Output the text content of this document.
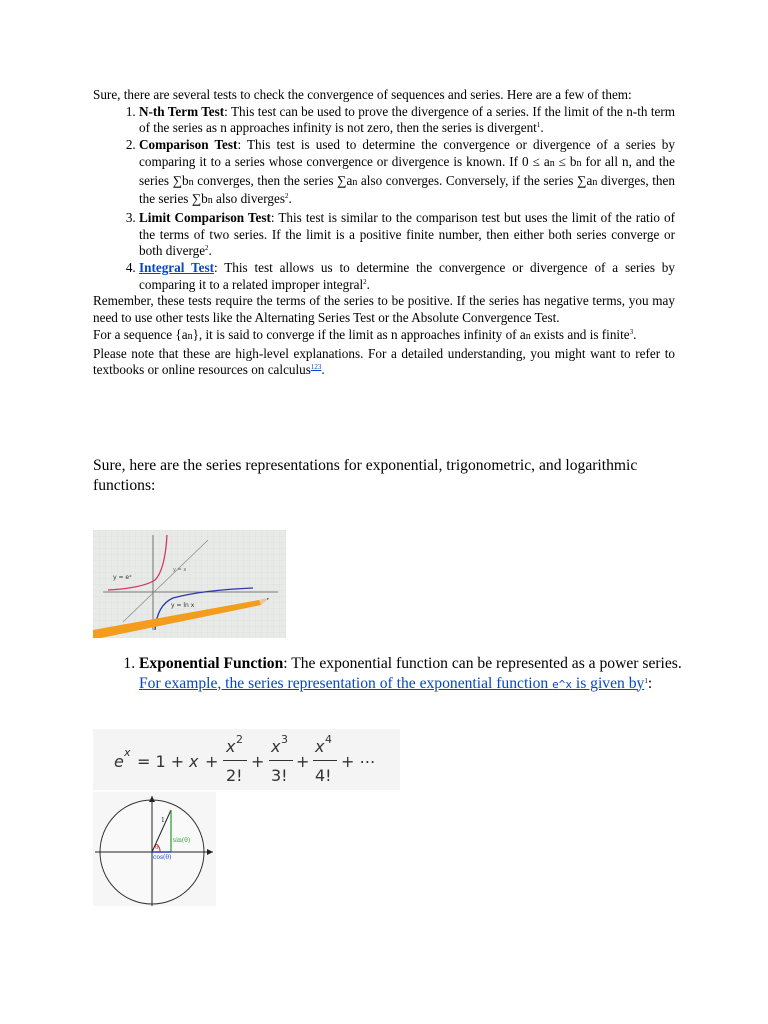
Sure, there are several tests to check the convergence of sequences and series. Here are a few of them:

1. N-th Term Test: This test can be used to prove the divergence of a series. If the limit of the n-th term of the series as n approaches infinity is not zero, then the series is divergent$^1$.
2. Comparison Test: This test is used to determine the convergence or divergence of a series by comparing it to a series whose convergence or divergence is known. If 0 ≤ an ≤ bn for all n, and the series ∑bn converges, then the series ∑an also converges. Conversely, if the series ∑an diverges, then the series ∑bn also diverges$^2$.
3. Limit Comparison Test: This test is similar to the comparison test but uses the limit of the ratio of the terms of two series. If the limit is a positive finite number, then either both series converge or both diverge$^2$.
4. Integral Test: This test allows us to determine the convergence or divergence of a series by comparing it to a related improper integral$^2$.

Remember, these tests require the terms of the series to be positive. If the series has negative terms, you may need to use other tests like the Alternating Series Test or the Absolute Convergence Test.

For a sequence {an}, it is said to converge if the limit as n approaches infinity of an exists and is finite$^3$.

Please note that these are high-level explanations. For a detailed understanding, you might want to refer to textbooks or online resources on calculus$^{123}$.

Sure, here are the series representations for exponential, trigonometric, and logarithmic functions:

y = eˣ
y = ln x
y = x
1. Exponential Function: The exponential function can be represented as a power series. For example, the series representation of the exponential function e^x is given $by^1$:
e x = 1 + x +
x 2
2!
+
x 3
3!
+
x 4
4!
+ ⋯
1
sin(θ)
cos(θ)
θ
